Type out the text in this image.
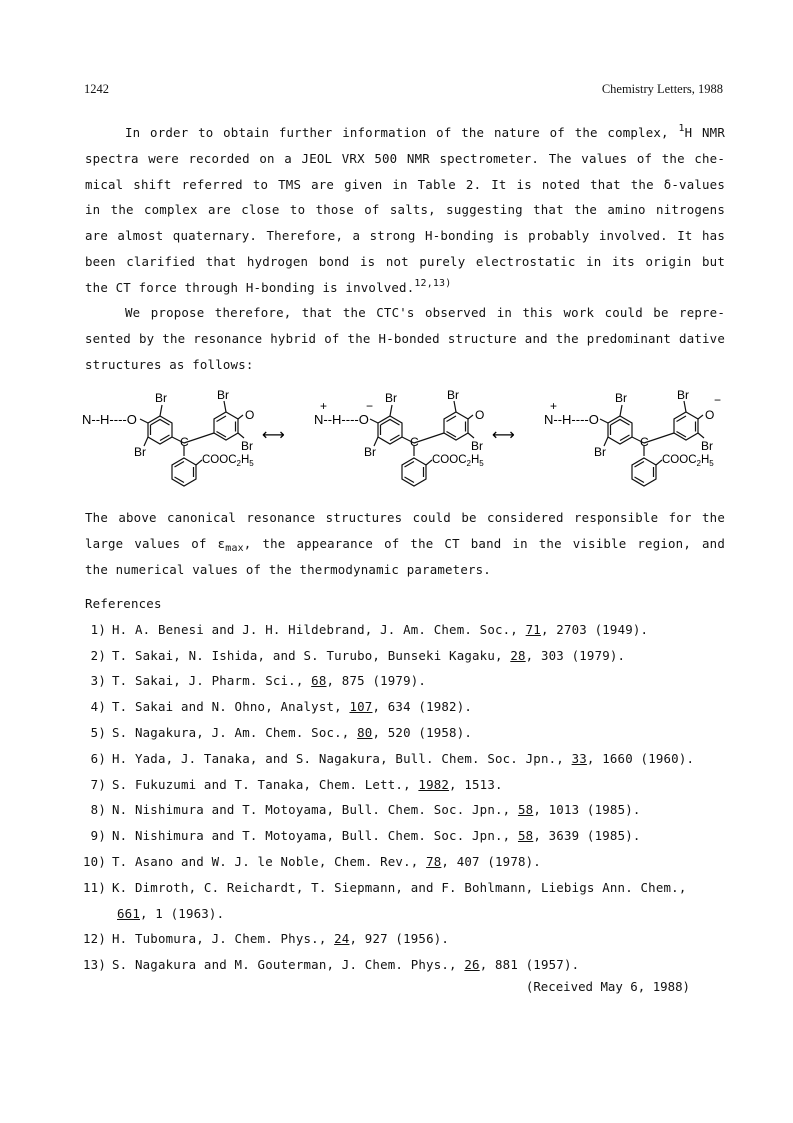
1242	Chemistry Letters, 1988
In order to obtain further information of the nature of the complex, $^1$H NMR
spectra were recorded on a JEOL VRX 500 NMR spectrometer. The values of the che-
mical shift referred to TMS are given in Table 2. It is noted that the δ-values
in the complex are close to those of salts, suggesting that the amino nitrogens
are almost quaternary. Therefore, a strong H-bonding is probably involved. It has
been clarified that hydrogen bond is not purely electrostatic in its origin but
the CT force through H-bonding is involved.$^{12,13)}$
We propose therefore, that the CTC's observed in this work could be repre-
sented by the resonance hybrid of the H-bonded structure and the predominant dative
structures as follows:
N--H----O
Br
Br
Br
Br
O
C
$COOC_2H_5$
⟷
N--H----O
+	−
Br
Br
Br
Br
O
C
$COOC_2H_5$
⟷
N--H----O
+
Br
Br
Br
Br
O
−
C
$COOC_2H_5$
The above canonical resonance structures could be considered responsible for the
large values of $\varepsilon_{max}$, the appearance of the CT band in the visible region, and
the numerical values of the thermodynamic parameters.
References
1) H. A. Benesi and J. H. Hildebrand, J. Am. Chem. Soc., 71, 2703 (1949).
2) T. Sakai, N. Ishida, and S. Turubo, Bunseki Kagaku, 28, 303 (1979).
3) T. Sakai, J. Pharm. Sci., 68, 875 (1979).
4) T. Sakai and N. Ohno, Analyst, 107, 634 (1982).
5) S. Nagakura, J. Am. Chem. Soc., 80, 520 (1958).
6) H. Yada, J. Tanaka, and S. Nagakura, Bull. Chem. Soc. Jpn., 33, 1660 (1960).
7) S. Fukuzumi and T. Tanaka, Chem. Lett., 1982, 1513.
8) N. Nishimura and T. Motoyama, Bull. Chem. Soc. Jpn., 58, 1013 (1985).
9) N. Nishimura and T. Motoyama, Bull. Chem. Soc. Jpn., 58, 3639 (1985).
10) T. Asano and W. J. le Noble, Chem. Rev., 78, 407 (1978).
11) K. Dimroth, C. Reichardt, T. Siepmann, and F. Bohlmann, Liebigs Ann. Chem.,
661, 1 (1963).
12) H. Tubomura, J. Chem. Phys., 24, 927 (1956).
13) S. Nagakura and M. Gouterman, J. Chem. Phys., 26, 881 (1957).
(Received May 6, 1988)
